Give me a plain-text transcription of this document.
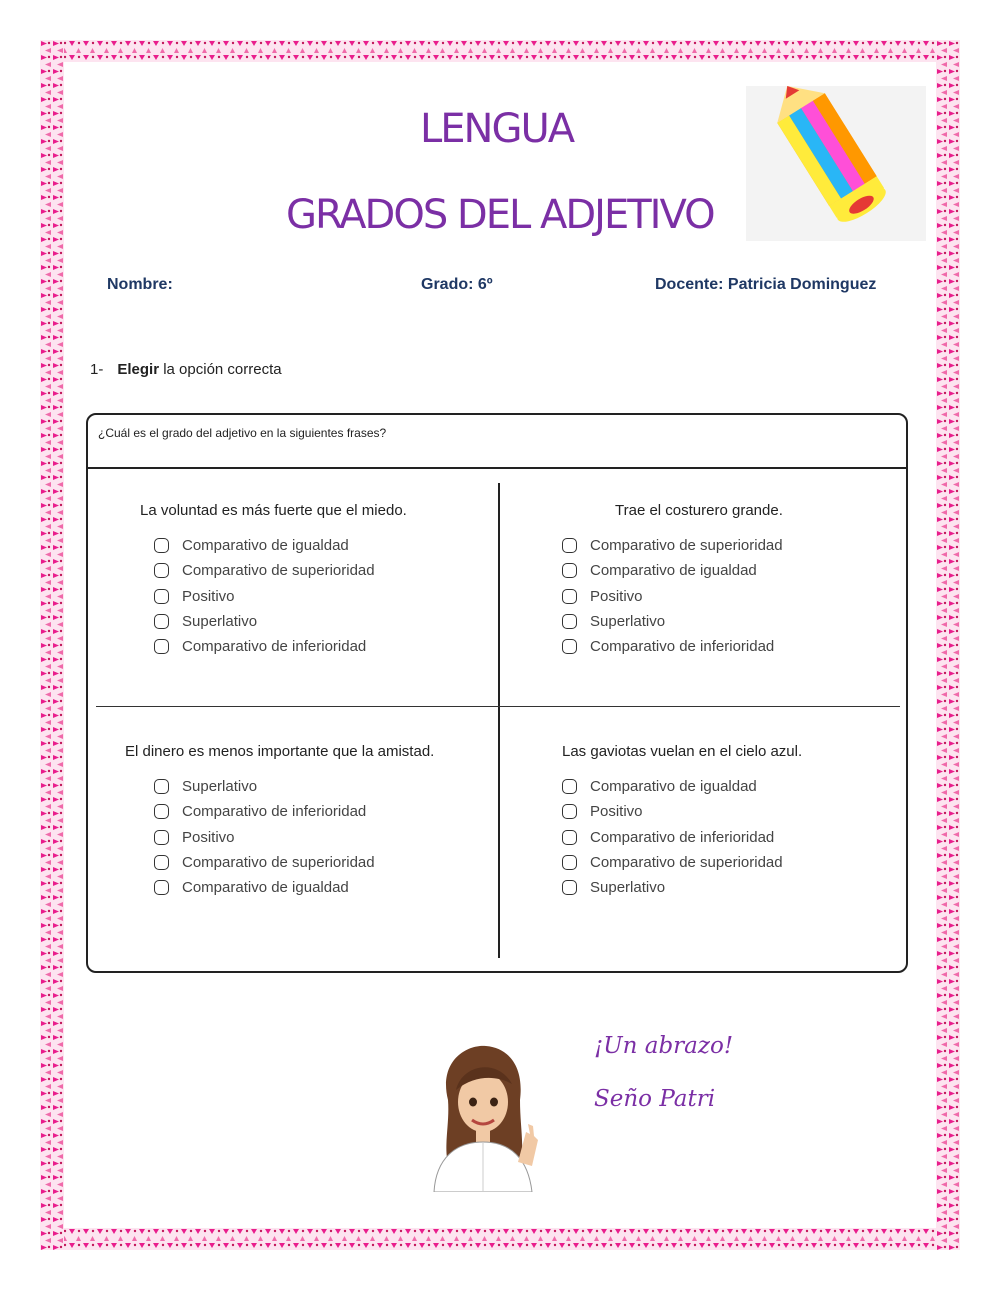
LENGUA
GRADOS DEL ADJETIVO
Nombre:	Grado: 6º	Docente: Patricia Dominguez
1- Elegir la opción correcta
¿Cuál es el grado del adjetivo en la siguientes frases?
La voluntad es más fuerte que el miedo.
Comparativo de igualdad
Comparativo de superioridad
Positivo
Superlativo
Comparativo de inferioridad
Trae el costurero grande.
Comparativo de superioridad
Comparativo de igualdad
Positivo
Superlativo
Comparativo de inferioridad
El dinero es menos importante que la amistad.
Superlativo
Comparativo de inferioridad
Positivo
Comparativo de superioridad
Comparativo de igualdad
Las gaviotas vuelan en el cielo azul.
Comparativo de igualdad
Positivo
Comparativo de inferioridad
Comparativo de superioridad
Superlativo
¡Un abrazo!
Seño Patri
